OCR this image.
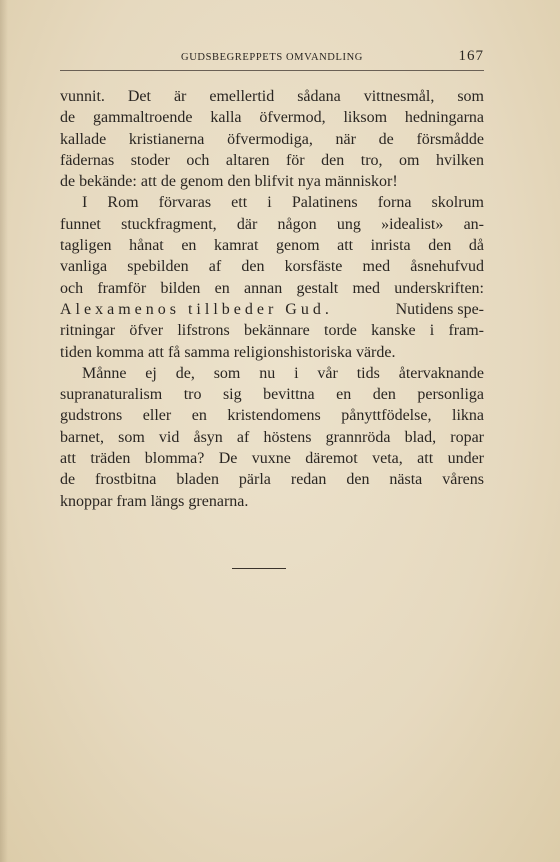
GUDSBEGREPPETS OMVANDLING	167
vunnit. Det är emellertid sådana vittnesmål, som
de gammaltroende kalla öfvermod, liksom hedningarna
kallade kristianerna öfvermodiga, när de försmådde
fädernas stoder och altaren för den tro, om hvilken
de bekände: att de genom den blifvit nya människor!
I Rom förvaras ett i Palatinens forna skolrum
funnet stuckfragment, där någon ung »idealist» an-
tagligen hånat en kamrat genom att inrista den då
vanliga spebilden af den korsfäste med åsnehufvud
och framför bilden en annan gestalt med underskriften:
Alexamenos tillbeder Gud.	Nutidens spe-
ritningar öfver lifstrons bekännare torde kanske i fram-
tiden komma att få samma religionshistoriska värde.
Månne ej de, som nu i vår tids återvaknande
supranaturalism tro sig bevittna en den personliga
gudstrons eller en kristendomens pånyttfödelse, likna
barnet, som vid åsyn af höstens grannröda blad, ropar
att träden blomma? De vuxne däremot veta, att under
de frostbitna bladen pärla redan den nästa vårens
knoppar fram längs grenarna.
